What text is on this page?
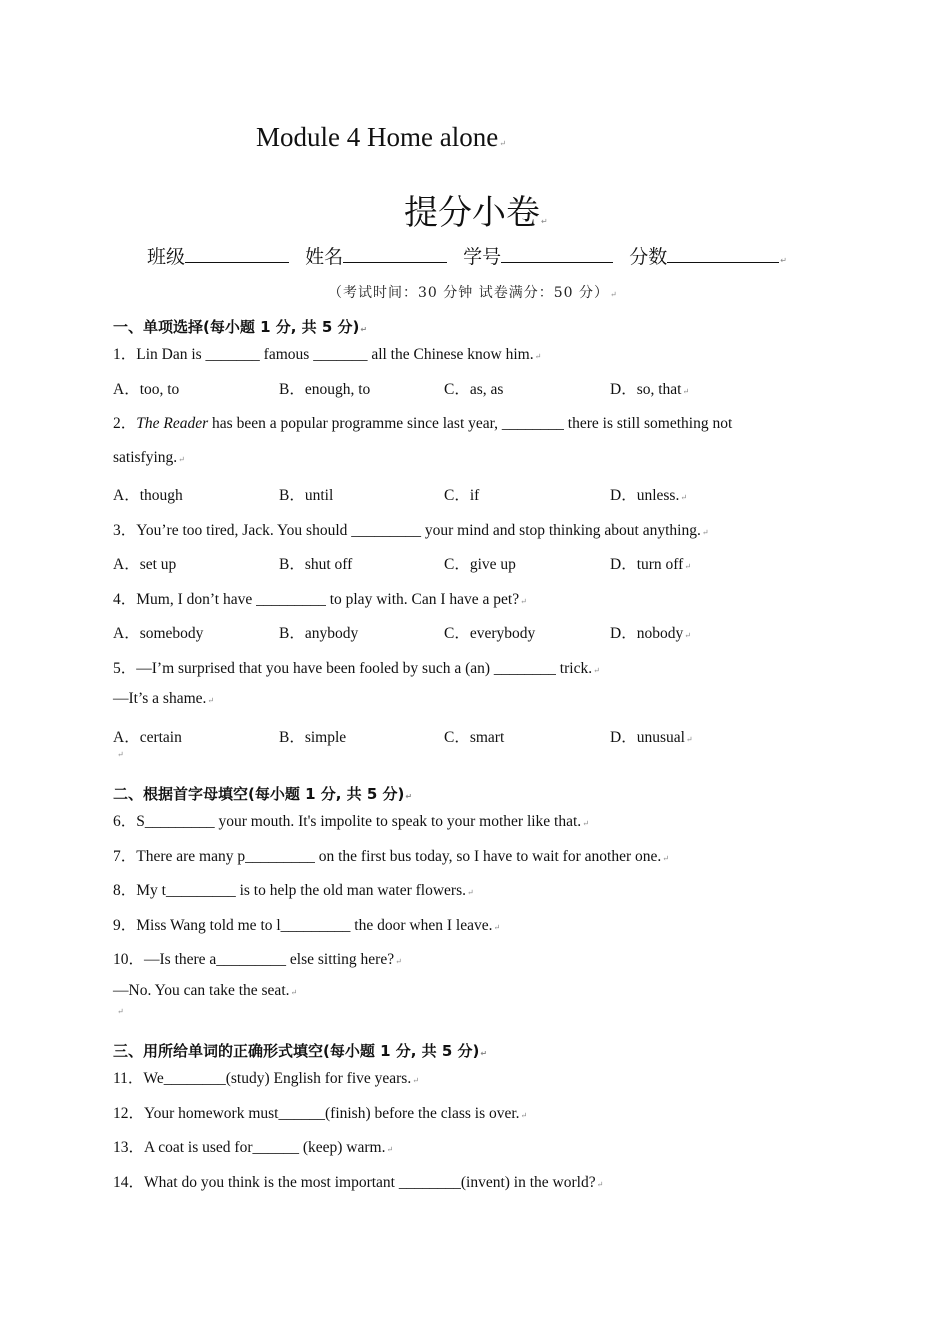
Module 4 Home alone↵
提分小卷↵
班级	姓名	学号	分数	↵
（考试时间：30 分钟 试卷满分：50 分）↵
一、单项选择(每小题 1 分, 共 5 分)↵
1．Lin Dan is _______ famous _______ all the Chinese know him.↵
A．too, to	B．enough, to	C．as, as	D．so, that↵
2．The Reader has been a popular programme since last year, ________ there is still something not
satisfying.↵
A．though	B．until	C．if	D．unless.↵
3．You’re too tired, Jack. You should _________ your mind and stop thinking about anything.↵
A．set up	B．shut off	C．give up	D．turn off↵
4．Mum, I don’t have _________ to play with. Can I have a pet?↵
A．somebody	B．anybody	C．everybody	D．nobody↵
5．—I’m surprised that you have been fooled by such a (an) ________ trick.↵
—It’s a shame.↵
A．certain	B．simple	C．smart	D．unusual↵
↵
二、根据首字母填空(每小题 1 分, 共 5 分)↵
6．S_________ your mouth. It's impolite to speak to your mother like that.↵
7．There are many p_________ on the first bus today, so I have to wait for another one.↵
8．My t_________ is to help the old man water flowers.↵
9．Miss Wang told me to l_________ the door when I leave.↵
10．—Is there a_________ else sitting here?↵
—No. You can take the seat.↵
↵
三、用所给单词的正确形式填空(每小题 1 分, 共 5 分)↵
11．We________(study) English for five years.↵
12．Your homework must______(finish) before the class is over.↵
13．A coat is used for______ (keep) warm.↵
14．What do you think is the most important ________(invent) in the world?↵
